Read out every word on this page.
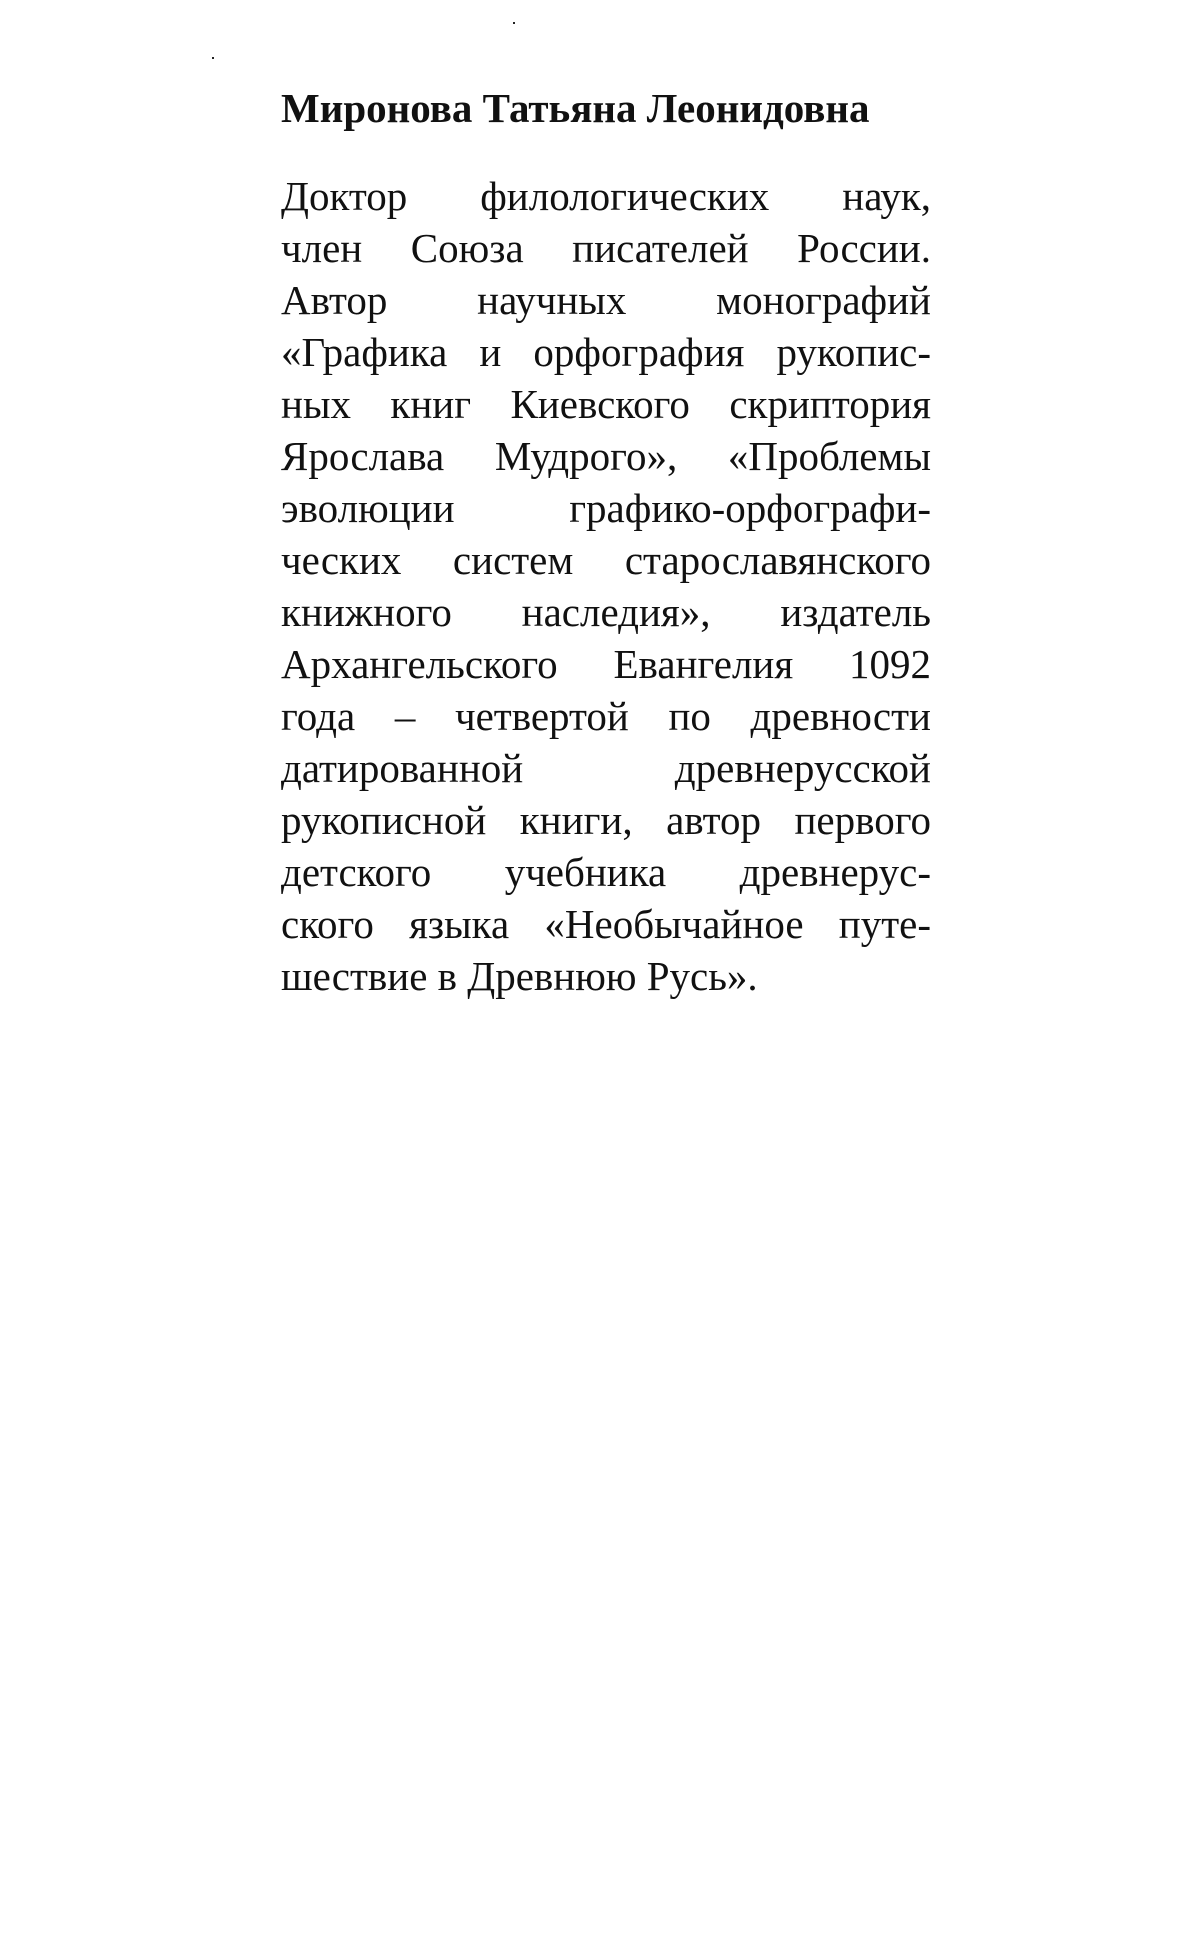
Миронова Татьяна Леонидовна
Доктор филологических наук,
член Союза писателей России.
Автор научных монографий
«Графика и орфография рукопис-
ных книг Киевского скриптория
Ярослава Мудрого», «Проблемы
эволюции графико-орфографи-
ческих систем старославянского
книжного наследия», издатель
Архангельского Евангелия 1092
года – четвертой по древности
датированной древнерусской
рукописной книги, автор первого
детского учебника древнерус-
ского языка «Необычайное путе-
шествие в Древнюю Русь».
